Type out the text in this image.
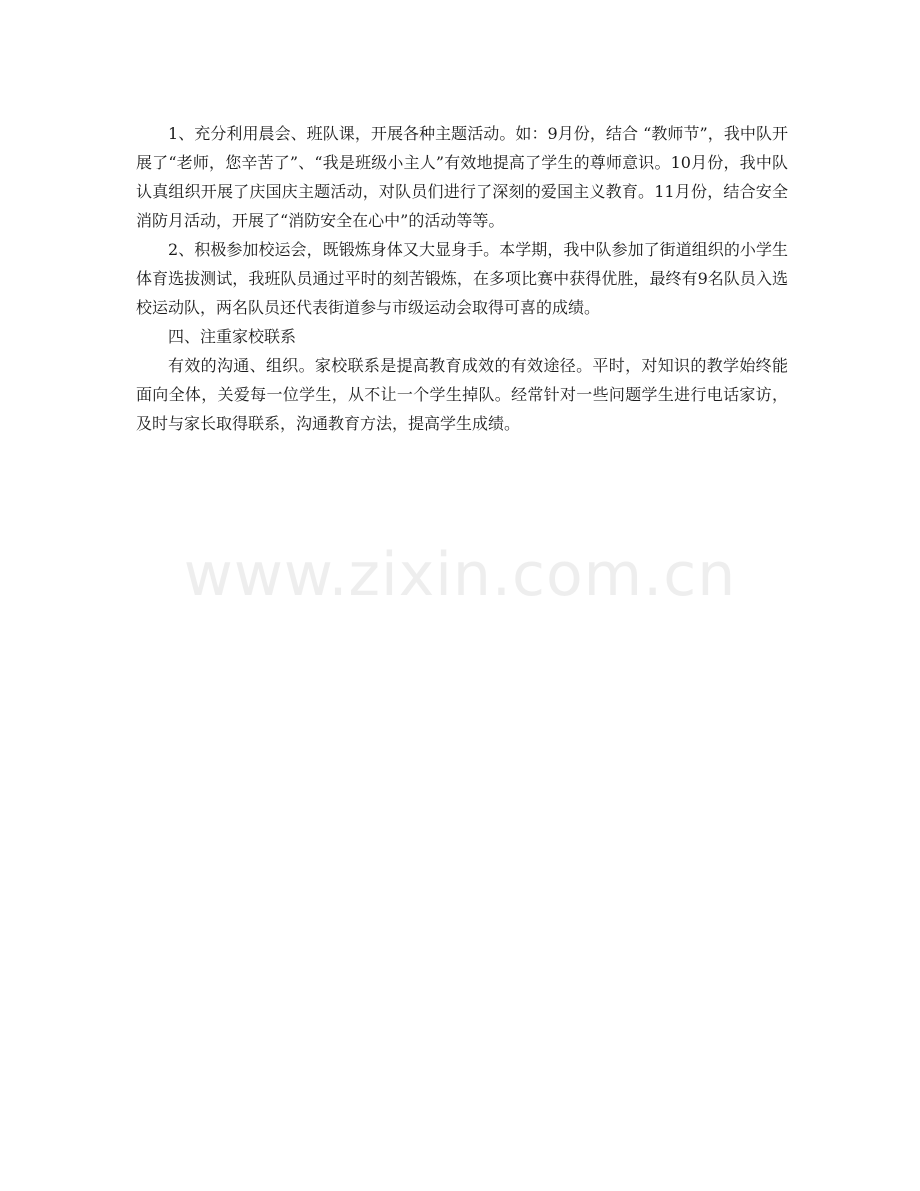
1、充分利用晨会、班队课，开展各种主题活动。如：9月份，结合 “教师节”，我中队开展了“老师，您辛苦了”、“我是班级小主人”有效地提高了学生的尊师意识。10月份，我中队认真组织开展了庆国庆主题活动，对队员们进行了深刻的爱国主义教育。11月份，结合安全消防月活动，开展了“消防安全在心中”的活动等等。

2、积极参加校运会，既锻炼身体又大显身手。本学期，我中队参加了街道组织的小学生体育选拔测试，我班队员通过平时的刻苦锻炼，在多项比赛中获得优胜，最终有9名队员入选校运动队，两名队员还代表街道参与市级运动会取得可喜的成绩。

四、注重家校联系

有效的沟通、组织。家校联系是提高教育成效的有效途径。平时，对知识的教学始终能面向全体，关爱每一位学生，从不让一个学生掉队。经常针对一些问题学生进行电话家访，及时与家长取得联系，沟通教育方法，提高学生成绩。

www.zixin.com.cn
